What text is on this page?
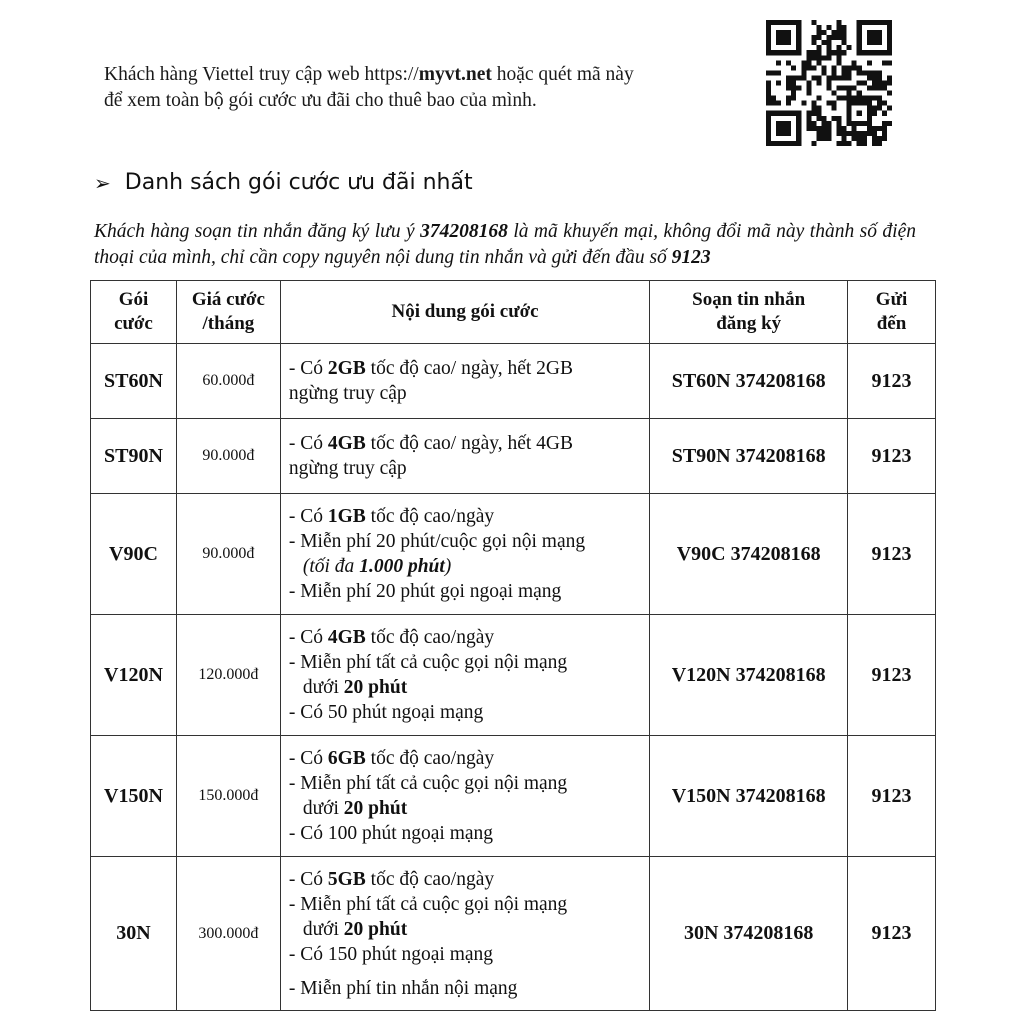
Khách hàng Viettel truy cập web https://myvt.net hoặc quét mã này
để xem toàn bộ gói cước ưu đãi cho thuê bao của mình.
➢ Danh sách gói cước ưu đãi nhất
Khách hàng soạn tin nhắn đăng ký lưu ý 374208168 là mã khuyến mại, không đổi mã này thành số điện thoại của mình, chỉ cần copy nguyên nội dung tin nhắn và gửi đến đầu số 9123
Gói
cước	Giá cước
/tháng	Nội dung gói cước	Soạn tin nhắn
đăng ký	Gửi
đến

ST60N	60.000đ	- Có 2GB tốc độ cao/ ngày, hết 2GB
ngừng truy cập	ST60N 374208168	9123
ST90N	90.000đ	- Có 4GB tốc độ cao/ ngày, hết 4GB
ngừng truy cập	ST90N 374208168	9123
V90C	90.000đ	- Có 1GB tốc độ cao/ngày
- Miễn phí 20 phút/cuộc gọi nội mạng
(tối đa 1.000 phút)
- Miễn phí 20 phút gọi ngoại mạng	V90C 374208168	9123
V120N	120.000đ	- Có 4GB tốc độ cao/ngày
- Miễn phí tất cả cuộc gọi nội mạng
dưới 20 phút
- Có 50 phút ngoại mạng	V120N 374208168	9123
V150N	150.000đ	- Có 6GB tốc độ cao/ngày
- Miễn phí tất cả cuộc gọi nội mạng
dưới 20 phút
- Có 100 phút ngoại mạng	V150N 374208168	9123
30N	300.000đ	- Có 5GB tốc độ cao/ngày
- Miễn phí tất cả cuộc gọi nội mạng
dưới 20 phút
- Có 150 phút ngoại mạng
- Miễn phí tin nhắn nội mạng	30N 374208168	9123
